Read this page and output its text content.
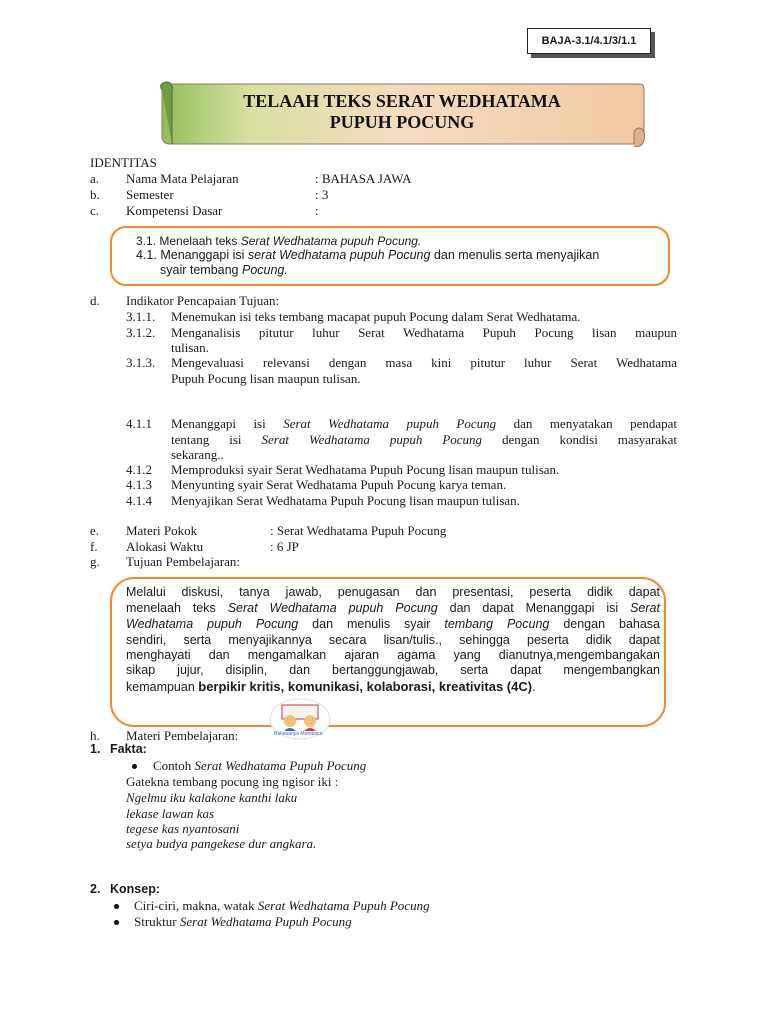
BAJA-3.1/4.1/3/1.1
TELAAH TEKS SERAT WEDHATAMA
PUPUH POCUNG
IDENTITAS
a. Nama Mata Pelajaran	: BAHASA JAWA
b. Semester	: 3
c. Kompetensi Dasar	:
3.1. Menelaah teks Serat Wedhatama pupuh Pocung.
4.1. Menanggapi isi serat Wedhatama pupuh Pocung dan menulis serta menyajikan
syair tembang Pocung.
d. Indikator Pencapaian Tujuan:
3.1.1. Menemukan isi teks tembang macapat pupuh Pocung dalam Serat Wedhatama.
3.1.2. Menganalisis pitutur luhur Serat Wedhatama Pupuh Pocung lisan maupun
tulisan.
3.1.3. Mengevaluasi relevansi dengan masa kini pitutur luhur Serat Wedhatama
Pupuh Pocung lisan maupun tulisan.
4.1.1 Menanggapi isi Serat Wedhatama pupuh Pocung dan menyatakan pendapat
tentang isi Serat Wedhatama pupuh Pocung dengan kondisi masyarakat
sekarang..
4.1.2 Memproduksi syair Serat Wedhatama Pupuh Pocung lisan maupun tulisan.
4.1.3 Menyunting syair Serat Wedhatama Pupuh Pocung karya teman.
4.1.4 Menyajikan Serat Wedhatama Pupuh Pocung lisan maupun tulisan.
e. Materi Pokok	: Serat Wedhatama Pupuh Pocung
f. Alokasi Waktu	: 6 JP
g. Tujuan Pembelajaran:
Melalui diskusi, tanya jawab, penugasan dan presentasi, peserta didik dapat
menelaah teks Serat Wedhatama pupuh Pocung dan dapat Menanggapi isi Serat
Wedhatama pupuh Pocung dan menulis syair tembang Pocung dengan bahasa
sendiri, serta menyajikannya secara lisan/tulis., sehingga peserta didik dapat
menghayati dan mengamalkan ajaran agama yang dianutnya,mengembangakan
sikap jujur, disiplin, dan bertanggungjawab, serta dapat mengembangkan
kemampuan berpikir kritis, komunikasi, kolaborasi, kreativitas (4C).
Bahasanya Membaca
h. Materi Pembelajaran:
1. Fakta:
Contoh Serat Wedhatama Pupuh Pocung
Gatekna tembang pocung ing ngisor iki :
Ngelmu iku kalakone kanthi laku
lekase lawan kas
tegese kas nyantosani
setya budya pangekese dur angkara.
2. Konsep:
Ciri-ciri, makna, watak Serat Wedhatama Pupuh Pocung
Struktur Serat Wedhatama Pupuh Pocung
